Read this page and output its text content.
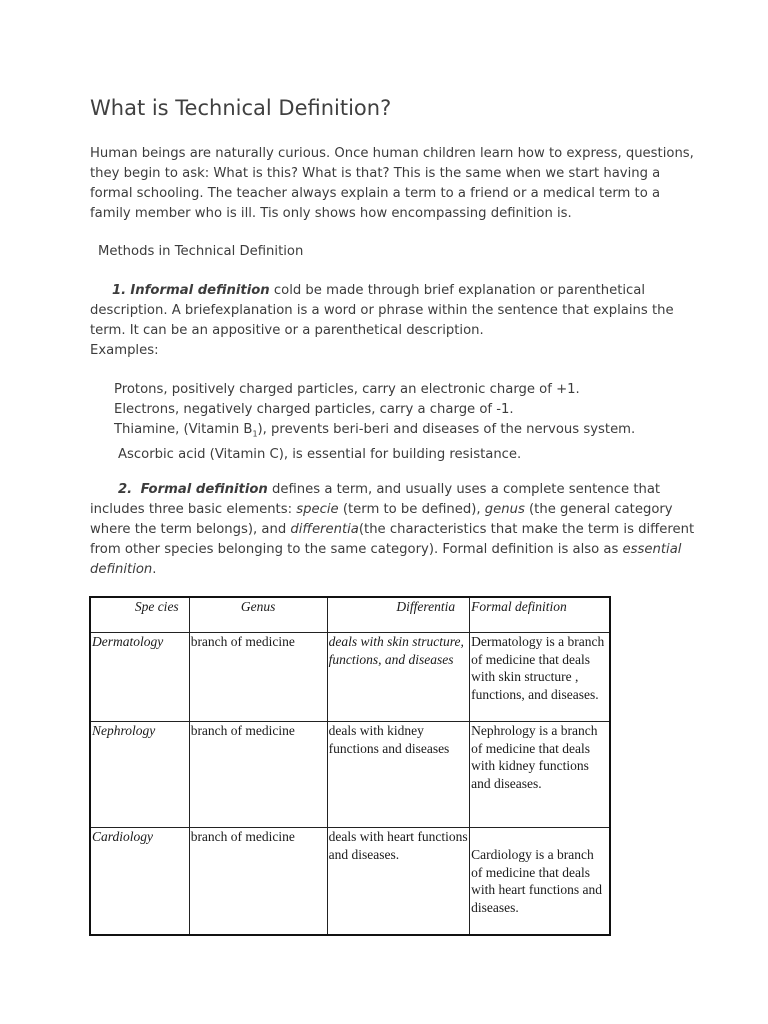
What is Technical Definition?
Human beings are naturally curious. Once human children learn how to express, questions,
they begin to ask: What is this? What is that? This is the same when we start having a
formal schooling. The teacher always explain a term to a friend or a medical term to a
family member who is ill. Tis only shows how encompassing definition is.
Methods in Technical Definition
1. Informal definition cold be made through brief explanation or parenthetical
description. A briefexplanation is a word or phrase within the sentence that explains the
term. It can be an appositive or a parenthetical description.
Examples:
Protons, positively charged particles, carry an electronic charge of +1.
Electrons, negatively charged particles, carry a charge of -1.
Thiamine, (Vitamin $B_1$), prevents beri-beri and diseases of the nervous system.
Ascorbic acid (Vitamin C), is essential for building resistance.
2. Formal definition defines a term, and usually uses a complete sentence that
includes three basic elements: specie (term to be defined), genus (the general category
where the term belongs), and differentia(the characteristics that make the term is different
from other species belonging to the same category). Formal definition is also as essential
definition.
Spe cies	Genus	Differentia	Formal definition
Dermatology	branch of medicine	deals with skin structure, functions, and diseases	Dermatology is a branch of medicine that deals with skin structure , functions, and diseases.
Nephrology	branch of medicine	deals with kidney functions and diseases	Nephrology is a branch of medicine that deals with kidney functions and diseases.
Cardiology	branch of medicine	deals with heart functions and diseases.	Cardiology is a branch of medicine that deals with heart functions and diseases.
